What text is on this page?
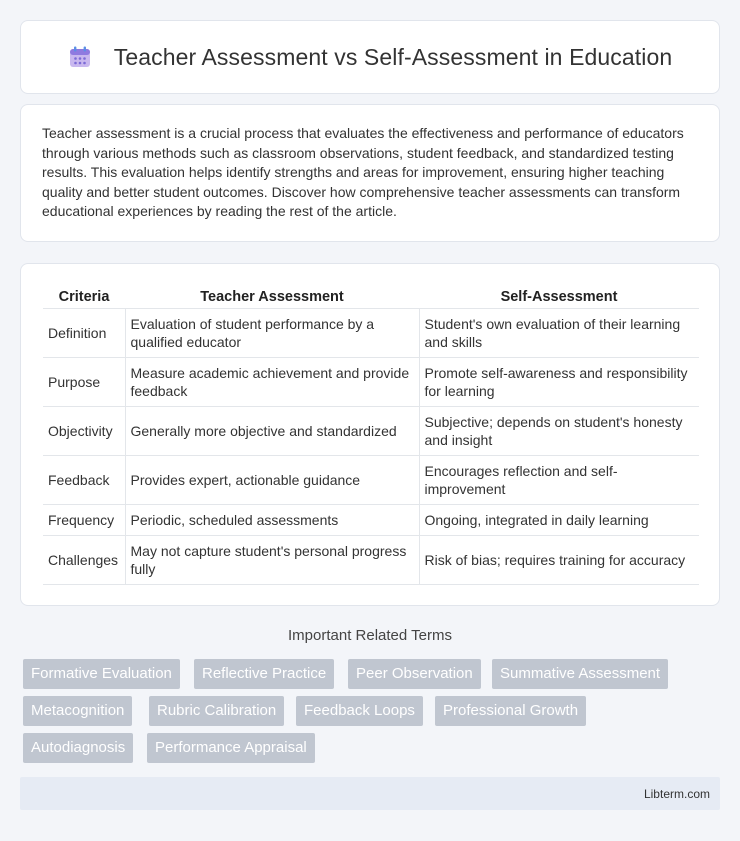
Teacher Assessment vs Self-Assessment in Education

Teacher assessment is a crucial process that evaluates the effectiveness and performance of educators through various methods such as classroom observations, student feedback, and standardized testing results. This evaluation helps identify strengths and areas for improvement, ensuring higher teaching quality and better student outcomes. Discover how comprehensive teacher assessments can transform educational experiences by reading the rest of the article.

Criteria	Teacher Assessment	Self-Assessment
Definition	Evaluation of student performance by a qualified educator	Student's own evaluation of their learning and skills
Purpose	Measure academic achievement and provide feedback	Promote self-awareness and responsibility for learning
Objectivity	Generally more objective and standardized	Subjective; depends on student's honesty and insight
Feedback	Provides expert, actionable guidance	Encourages reflection and self-improvement
Frequency	Periodic, scheduled assessments	Ongoing, integrated in daily learning
Challenges	May not capture student's personal progress fully	Risk of bias; requires training for accuracy
Important Related Terms
Formative Evaluation	Reflective Practice	Peer Observation	Summative Assessment
Metacognition	Rubric Calibration	Feedback Loops	Professional Growth
Autodiagnosis	Performance Appraisal
Libterm.com
